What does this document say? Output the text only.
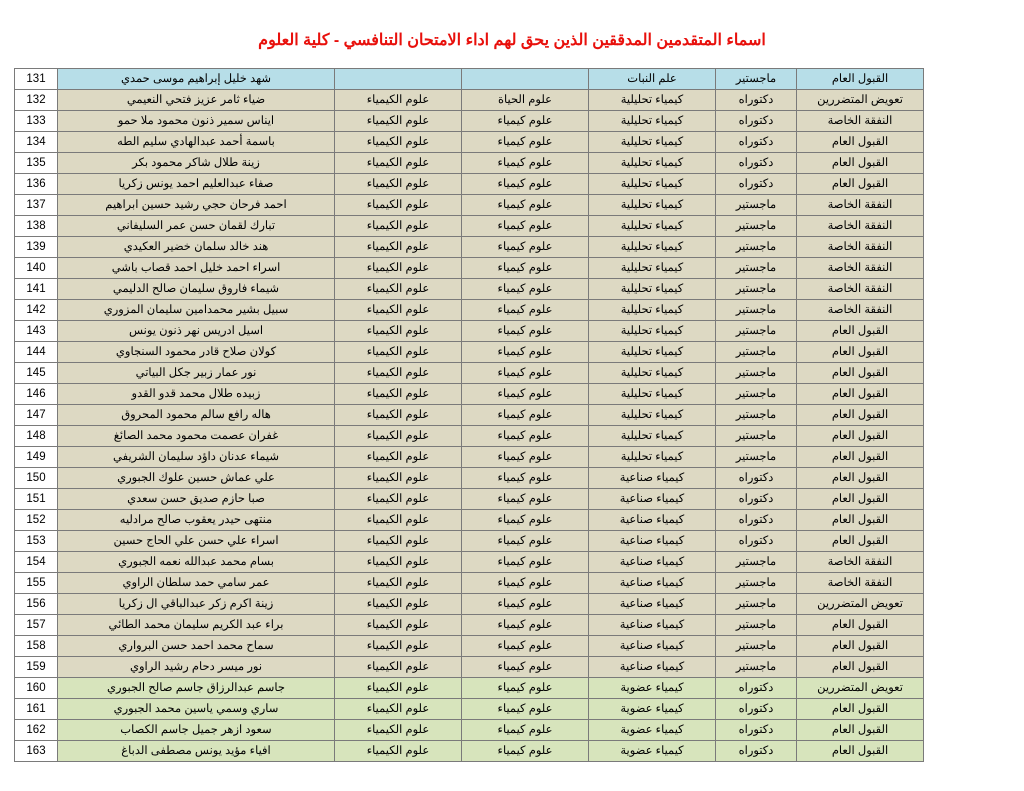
اسماء المتقدمين المدققين الذين يحق لهم اداء الامتحان التنافسي - كلية العلوم
القبول العام	ماجستير	علم النبات			شهد خليل إبراهيم موسى حمدي	131
تعويض المتضررين	دكتوراه	كيمياء تحليلية	علوم الحياة	علوم الكيمياء	ضياء ثامر عزيز فتحي النعيمي	132
النفقة الخاصة	دكتوراه	كيمياء تحليلية	علوم كيمياء	علوم الكيمياء	ايناس سمير ذنون محمود ملا حمو	133
القبول العام	دكتوراه	كيمياء تحليلية	علوم كيمياء	علوم الكيمياء	باسمة أحمد عبدالهادي سليم الطه	134
القبول العام	دكتوراه	كيمياء تحليلية	علوم كيمياء	علوم الكيمياء	زينة طلال شاكر محمود بكر	135
القبول العام	دكتوراه	كيمياء تحليلية	علوم كيمياء	علوم الكيمياء	صفاء عبدالعليم احمد يونس زكريا	136
النفقة الخاصة	ماجستير	كيمياء تحليلية	علوم كيمياء	علوم الكيمياء	احمد فرحان حجي رشيد حسين ابراهيم	137
النفقة الخاصة	ماجستير	كيمياء تحليلية	علوم كيمياء	علوم الكيمياء	تبارك لقمان حسن عمر السليفاني	138
النفقة الخاصة	ماجستير	كيمياء تحليلية	علوم كيمياء	علوم الكيمياء	هند خالد سلمان خضير العكيدي	139
النفقة الخاصة	ماجستير	كيمياء تحليلية	علوم كيمياء	علوم الكيمياء	اسراء احمد خليل احمد قصاب باشي	140
النفقة الخاصة	ماجستير	كيمياء تحليلية	علوم كيمياء	علوم الكيمياء	شيماء فاروق سليمان صالح الدليمي	141
النفقة الخاصة	ماجستير	كيمياء تحليلية	علوم كيمياء	علوم الكيمياء	سبيل بشير محمدامين سليمان المزوري	142
القبول العام	ماجستير	كيمياء تحليلية	علوم كيمياء	علوم الكيمياء	اسيل ادريس نهر ذنون يونس	143
القبول العام	ماجستير	كيمياء تحليلية	علوم كيمياء	علوم الكيمياء	كولان صلاح قادر محمود السنجاوي	144
القبول العام	ماجستير	كيمياء تحليلية	علوم كيمياء	علوم الكيمياء	نور عمار زبير جكل البياتي	145
القبول العام	ماجستير	كيمياء تحليلية	علوم كيمياء	علوم الكيمياء	زبيده طلال محمد قدو القدو	146
القبول العام	ماجستير	كيمياء تحليلية	علوم كيمياء	علوم الكيمياء	هاله رافع سالم محمود المحروق	147
القبول العام	ماجستير	كيمياء تحليلية	علوم كيمياء	علوم الكيمياء	غفران عصمت محمود محمد الصائغ	148
القبول العام	ماجستير	كيمياء تحليلية	علوم كيمياء	علوم الكيمياء	شيماء عدنان داؤد سليمان الشريفي	149
القبول العام	دكتوراه	كيمياء صناعية	علوم كيمياء	علوم الكيمياء	علي عماش حسين علوك الجبوري	150
القبول العام	دكتوراه	كيمياء صناعية	علوم كيمياء	علوم الكيمياء	صبا حازم صديق حسن سعدي	151
القبول العام	دكتوراه	كيمياء صناعية	علوم كيمياء	علوم الكيمياء	منتهى حيدر يعقوب صالح مرادليه	152
القبول العام	دكتوراه	كيمياء صناعية	علوم كيمياء	علوم الكيمياء	اسراء علي حسن علي الحاج حسين	153
النفقة الخاصة	ماجستير	كيمياء صناعية	علوم كيمياء	علوم الكيمياء	بسام محمد عبدالله نعمه الجبوري	154
النفقة الخاصة	ماجستير	كيمياء صناعية	علوم كيمياء	علوم الكيمياء	عمر سامي حمد سلطان الراوي	155
تعويض المتضررين	ماجستير	كيمياء صناعية	علوم كيمياء	علوم الكيمياء	زينة اكرم زكر عبدالباقي ال زكريا	156
القبول العام	ماجستير	كيمياء صناعية	علوم كيمياء	علوم الكيمياء	براء عبد الكريم سليمان محمد الطائي	157
القبول العام	ماجستير	كيمياء صناعية	علوم كيمياء	علوم الكيمياء	سماح محمد احمد حسن البرواري	158
القبول العام	ماجستير	كيمياء صناعية	علوم كيمياء	علوم الكيمياء	نور ميسر دحام رشيد الراوي	159
تعويض المتضررين	دكتوراه	كيمياء عضوية	علوم كيمياء	علوم الكيمياء	جاسم عبدالرزاق جاسم صالح الجبوري	160
القبول العام	دكتوراه	كيمياء عضوية	علوم كيمياء	علوم الكيمياء	ساري وسمي ياسين محمد الجبوري	161
القبول العام	دكتوراه	كيمياء عضوية	علوم كيمياء	علوم الكيمياء	سعود ازهر جميل جاسم الكصاب	162
القبول العام	دكتوراه	كيمياء عضوية	علوم كيمياء	علوم الكيمياء	افياء مؤيد يونس مصطفى الدباغ	163
